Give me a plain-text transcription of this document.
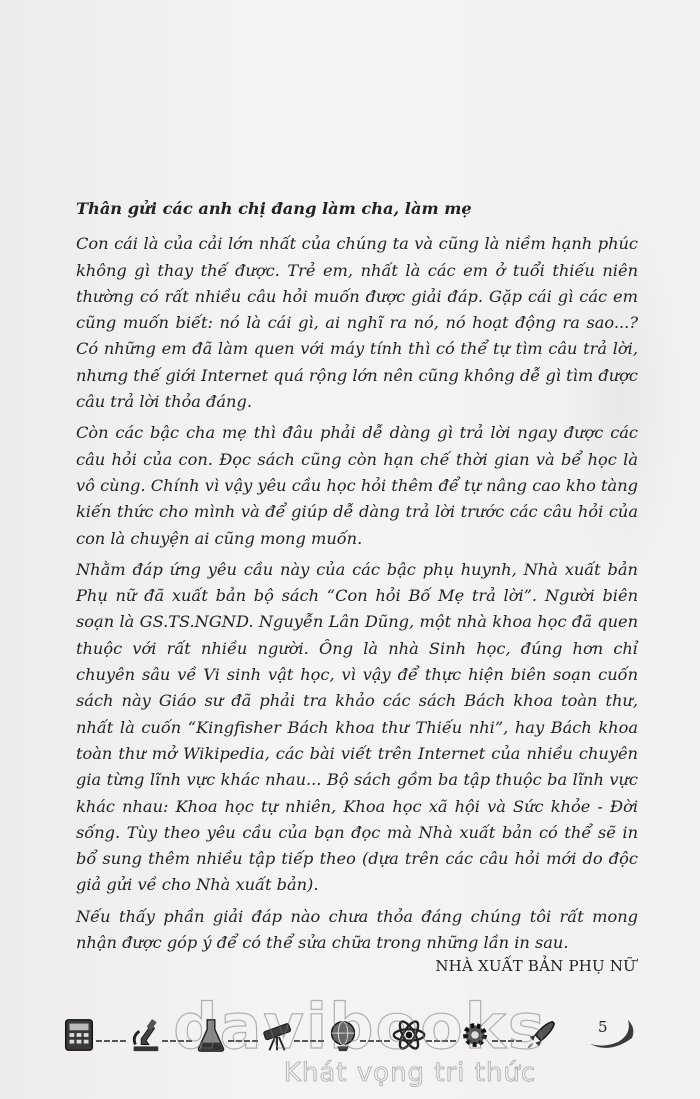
Thân gửi các anh chị đang làm cha, làm mẹ

Con cái là của cải lớn nhất của chúng ta và cũng là niềm hạnh phúc không gì thay thế được. Trẻ em, nhất là các em ở tuổi thiếu niên thường có rất nhiều câu hỏi muốn được giải đáp. Gặp cái gì các em cũng muốn biết: nó là cái gì, ai nghĩ ra nó, nó hoạt động ra sao...? Có những em đã làm quen với máy tính thì có thể tự tìm câu trả lời, nhưng thế giới Internet quá rộng lớn nên cũng không dễ gì tìm được câu trả lời thỏa đáng.

Còn các bậc cha mẹ thì đâu phải dễ dàng gì trả lời ngay được các câu hỏi của con. Đọc sách cũng còn hạn chế thời gian và bể học là vô cùng. Chính vì vậy yêu cầu học hỏi thêm để tự nâng cao kho tàng kiến thức cho mình và để giúp dễ dàng trả lời trước các câu hỏi của con là chuyện ai cũng mong muốn.

Nhằm đáp ứng yêu cầu này của các bậc phụ huynh, Nhà xuất bản Phụ nữ đã xuất bản bộ sách “Con hỏi Bố Mẹ trả lời”. Người biên soạn là GS.TS.NGND. Nguyễn Lân Dũng, một nhà khoa học đã quen thuộc với rất nhiều người. Ông là nhà Sinh học, đúng hơn chỉ chuyên sâu về Vi sinh vật học, vì vậy để thực hiện biên soạn cuốn sách này Giáo sư đã phải tra khảo các sách Bách khoa toàn thư, nhất là cuốn “Kingfisher Bách khoa thư Thiếu nhi”, hay Bách khoa toàn thư mở Wikipedia, các bài viết trên Internet của nhiều chuyên gia từng lĩnh vực khác nhau... Bộ sách gồm ba tập thuộc ba lĩnh vực khác nhau: Khoa học tự nhiên, Khoa học xã hội và Sức khỏe - Đời sống. Tùy theo yêu cầu của bạn đọc mà Nhà xuất bản có thể sẽ in bổ sung thêm nhiều tập tiếp theo (dựa trên các câu hỏi mới do độc giả gửi về cho Nhà xuất bản).

Nếu thấy phần giải đáp nào chưa thỏa đáng chúng tôi rất mong nhận được góp ý để có thể sửa chữa trong những lần in sau.

NHÀ XUẤT BẢN PHỤ NỮ
5
davibooks
Khát vọng tri thức
